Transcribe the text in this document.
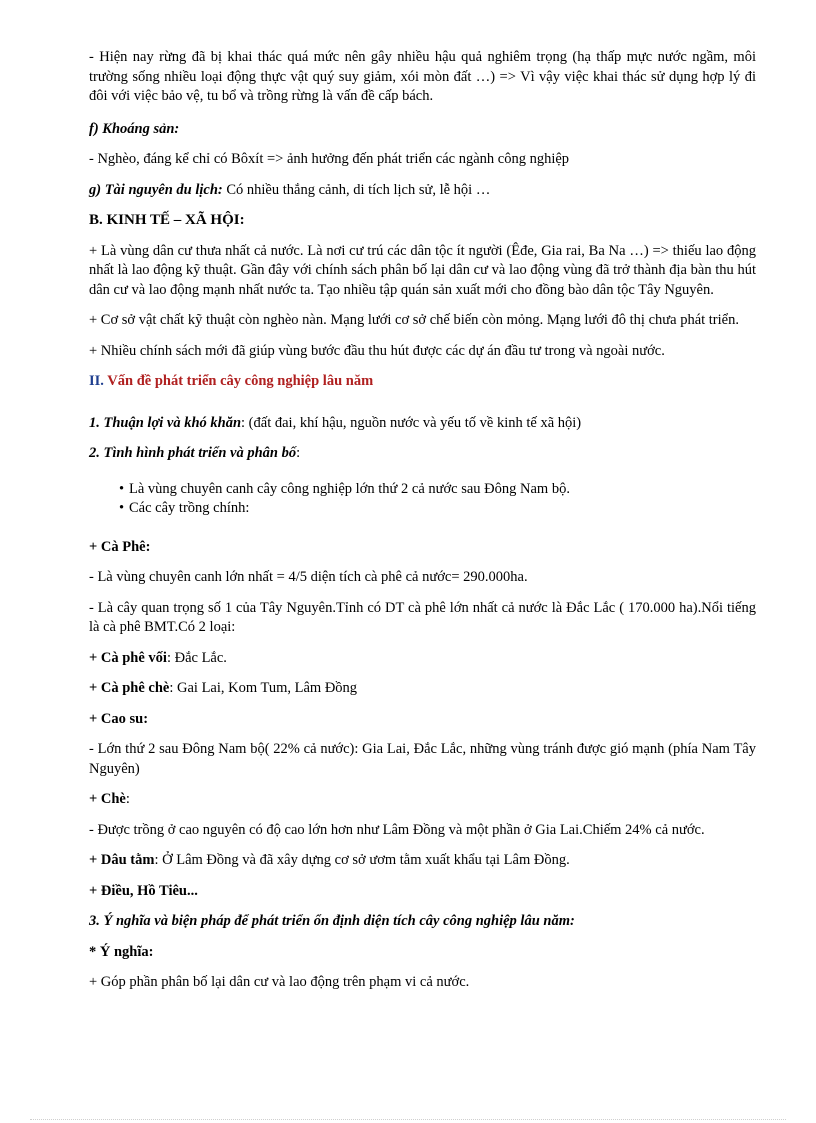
- Hiện nay rừng đã bị khai thác quá mức nên gây nhiều hậu quả nghiêm trọng (hạ thấp mực nước ngầm, môi trường sống nhiều loại động thực vật quý suy giảm, xói mòn đất …) => Vì vậy việc khai thác sử dụng hợp lý đi đôi với việc bảo vệ, tu bổ và trồng rừng là vấn đề cấp bách.

f) Khoáng sản:

- Nghèo, đáng kể chỉ có Bôxít => ảnh hưởng đến phát triển các ngành công nghiệp

g) Tài nguyên du lịch: Có nhiều thắng cảnh, di tích lịch sử, lễ hội …

B. KINH TẾ – XÃ HỘI:

+ Là vùng dân cư thưa nhất cả nước. Là nơi cư trú các dân tộc ít người (Êđe, Gia rai, Ba Na …) => thiếu lao động nhất là lao động kỹ thuật. Gần đây với chính sách phân bố lại dân cư và lao động vùng đã trở thành địa bàn thu hút dân cư và lao động mạnh nhất nước ta. Tạo nhiều tập quán sản xuất mới cho đồng bào dân tộc Tây Nguyên.

+ Cơ sở vật chất kỹ thuật còn nghèo nàn. Mạng lưới cơ sở chế biến còn mỏng. Mạng lưới đô thị chưa phát triển.

+ Nhiều chính sách mới đã giúp vùng bước đầu thu hút được các dự án đầu tư trong và ngoài nước.

II. Vấn đề phát triển cây công nghiệp lâu năm

1. Thuận lợi và khó khăn: (đất đai, khí hậu, nguồn nước và yếu tố về kinh tế xã hội)

2. Tình hình phát triển và phân bố:

• Là vùng chuyên canh cây công nghiệp lớn thứ 2 cả nước sau Đông Nam bộ.
• Các cây trồng chính:

+ Cà Phê:

- Là vùng chuyên canh lớn nhất = 4/5 diện tích cà phê cả nước= 290.000ha.

- Là cây quan trọng số 1 của Tây Nguyên.Tỉnh có DT cà phê lớn nhất cả nước là Đắc Lắc ( 170.000 ha).Nổi tiếng là cà phê BMT.Có 2 loại:

+ Cà phê vối: Đắc Lắc.

+ Cà phê chè: Gai Lai, Kom Tum, Lâm Đồng

+ Cao su:

- Lớn thứ 2 sau Đông Nam bộ( 22% cả nước): Gia Lai, Đắc Lắc, những vùng tránh được gió mạnh (phía Nam Tây Nguyên)

+ Chè:

- Được trồng ở cao nguyên có độ cao lớn hơn như Lâm Đồng và một phần ở Gia Lai.Chiếm 24% cả nước.

+ Dâu tằm: Ở Lâm Đồng và đã xây dựng cơ sở ươm tằm xuất khẩu tại Lâm Đồng.

+ Điều, Hồ Tiêu...

3. Ý nghĩa và biện pháp để phát triển ổn định diện tích cây công nghiệp lâu năm:

* Ý nghĩa:

+ Góp phần phân bố lại dân cư và lao động trên phạm vi cả nước.
